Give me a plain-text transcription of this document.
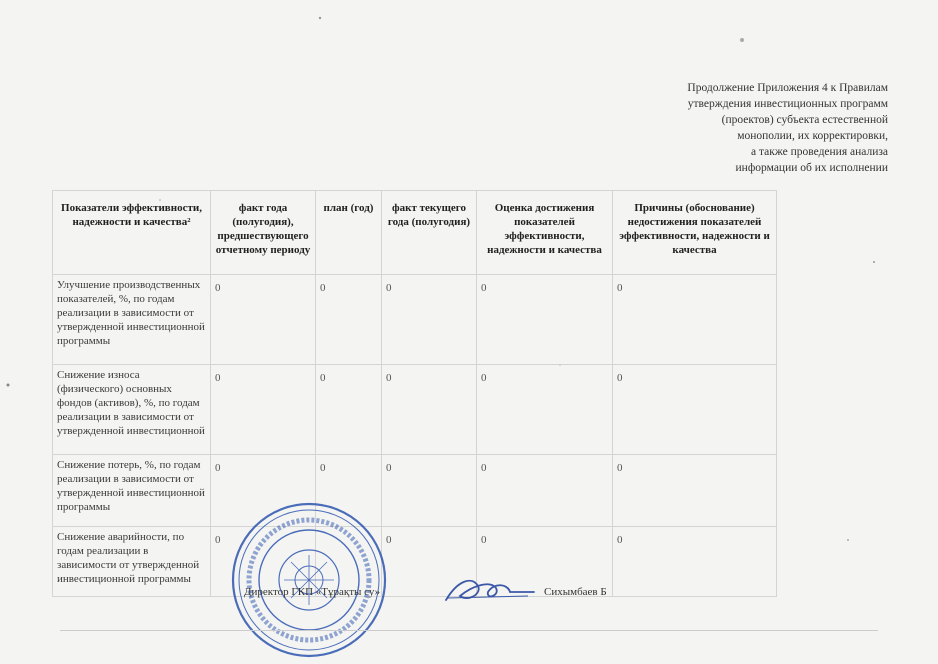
Продолжение Приложения 4 к Правилам
утверждения инвестиционных программ
(проектов) субъекта естественной
монополии, их корректировки,
а также проведения анализа
информации об их исполнении
Показатели эффективности, надежности и качества²	факт года (полугодия), предшествующего отчетному периоду	план (год)	факт текущего года (полугодия)	Оценка достижения показателей эффективности, надежности и качества	Причины (обоснование) недостижения показателей эффективности, надежности и качества
Улучшение производственных показателей, %, по годам реализации в зависимости от утвержденной инвестиционной программы	0	0	0	0	0
Снижение износа (физического) основных фондов (активов), %, по годам реализации в зависимости от утвержденной инвестиционной	0	0	0	0	0
Снижение потерь, %, по годам реализации в зависимости от утвержденной инвестиционной программы	0	0	0	0	0
Снижение аварийности, по годам реализации в зависимости от утвержденной инвестиционной программы	0		0	0	0
Директор ГКП «Тұрақты су»	Сихымбаев Б
